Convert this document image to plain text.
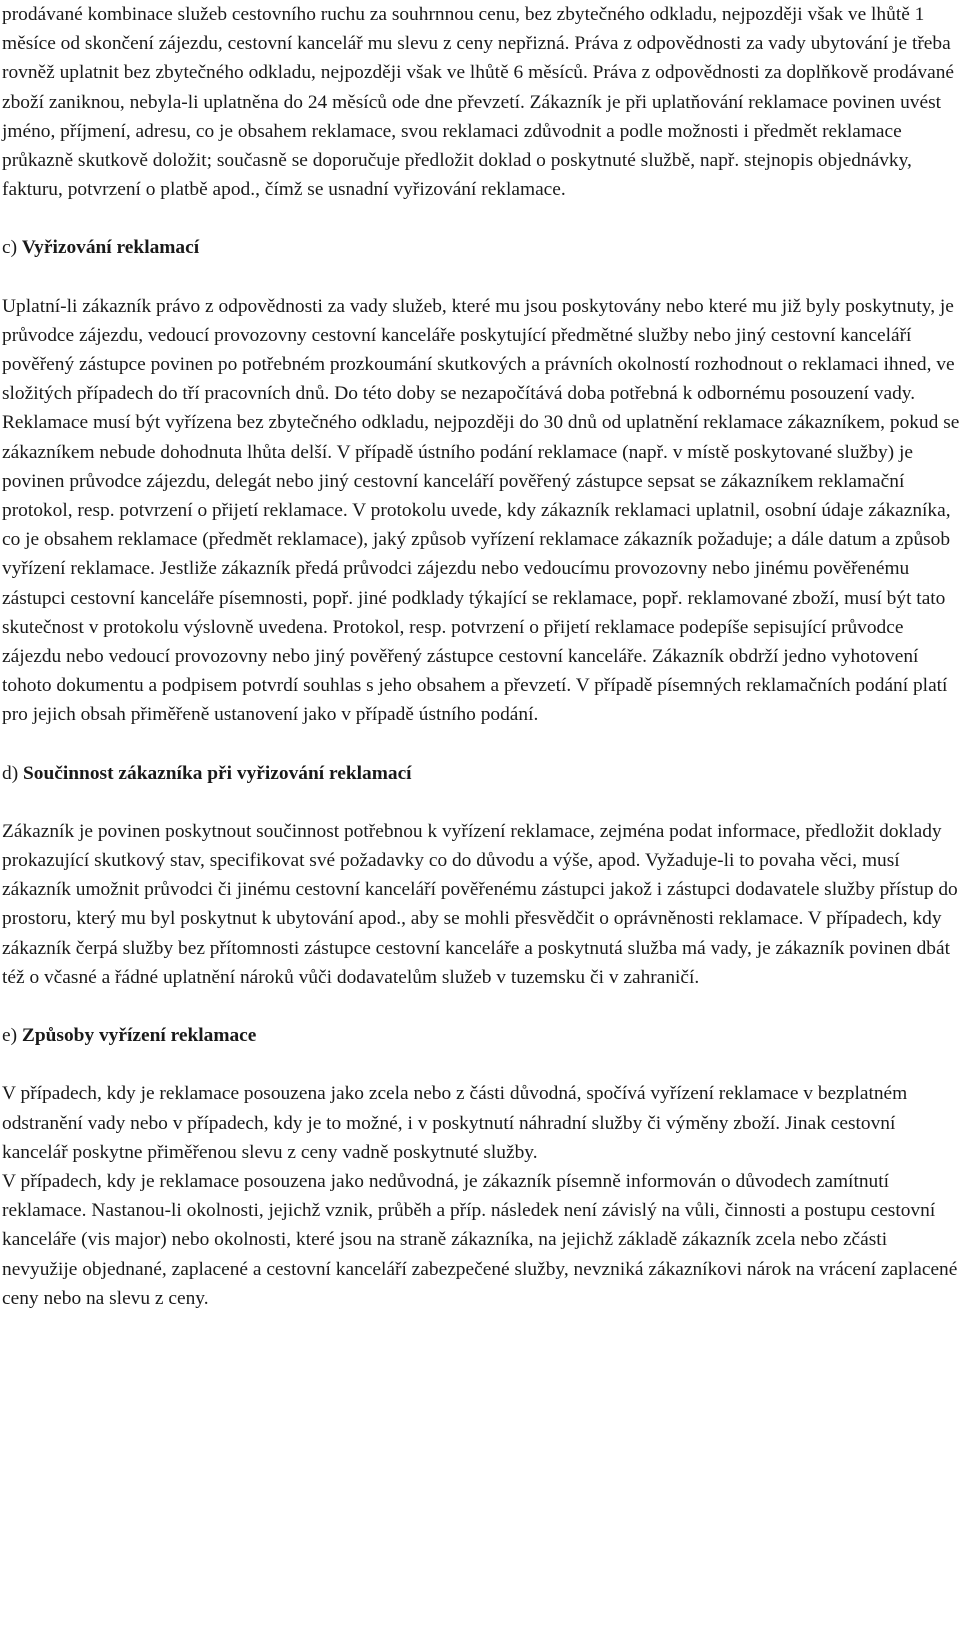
prodávané kombinace služeb cestovního ruchu za souhrnnou cenu, bez zbytečného odkladu, nejpozději však ve lhůtě 1 měsíce od skončení zájezdu, cestovní kancelář mu slevu z ceny nepřizná. Práva z odpovědnosti za vady ubytování je třeba rovněž uplatnit bez zbytečného odkladu, nejpozději však ve lhůtě 6 měsíců. Práva z odpovědnosti za doplňkově prodávané zboží zaniknou, nebyla-li uplatněna do 24 měsíců ode dne převzetí. Zákazník je při uplatňování reklamace povinen uvést jméno, příjmení, adresu, co je obsahem reklamace, svou reklamaci zdůvodnit a podle možnosti i předmět reklamace průkazně skutkově doložit; současně se doporučuje předložit doklad o poskytnuté službě, např. stejnopis objednávky, fakturu, potvrzení o platbě apod., čímž se usnadní vyřizování reklamace.

c) Vyřizování reklamací

Uplatní-li zákazník právo z odpovědnosti za vady služeb, které mu jsou poskytovány nebo které mu již byly poskytnuty, je průvodce zájezdu, vedoucí provozovny cestovní kanceláře poskytující předmětné služby nebo jiný cestovní kanceláří pověřený zástupce povinen po potřebném prozkoumání skutkových a právních okolností rozhodnout o reklamaci ihned, ve složitých případech do tří pracovních dnů. Do této doby se nezapočítává doba potřebná k odbornému posouzení vady. Reklamace musí být vyřízena bez zbytečného odkladu, nejpozději do 30 dnů od uplatnění reklamace zákazníkem, pokud se zákazníkem nebude dohodnuta lhůta delší. V případě ústního podání reklamace (např. v místě poskytované služby) je povinen průvodce zájezdu, delegát nebo jiný cestovní kanceláří pověřený zástupce sepsat se zákazníkem reklamační protokol, resp. potvrzení o přijetí reklamace. V protokolu uvede, kdy zákazník reklamaci uplatnil, osobní údaje zákazníka, co je obsahem reklamace (předmět reklamace), jaký způsob vyřízení reklamace zákazník požaduje; a dále datum a způsob vyřízení reklamace. Jestliže zákazník předá průvodci zájezdu nebo vedoucímu provozovny nebo jinému pověřenému zástupci cestovní kanceláře písemnosti, popř. jiné podklady týkající se reklamace, popř. reklamované zboží, musí být tato skutečnost v protokolu výslovně uvedena. Protokol, resp. potvrzení o přijetí reklamace podepíše sepisující průvodce zájezdu nebo vedoucí provozovny nebo jiný pověřený zástupce cestovní kanceláře. Zákazník obdrží jedno vyhotovení tohoto dokumentu a podpisem potvrdí souhlas s jeho obsahem a převzetí. V případě písemných reklamačních podání platí pro jejich obsah přiměřeně ustanovení jako v případě ústního podání.

d) Součinnost zákazníka při vyřizování reklamací

Zákazník je povinen poskytnout součinnost potřebnou k vyřízení reklamace, zejména podat informace, předložit doklady prokazující skutkový stav, specifikovat své požadavky co do důvodu a výše, apod. Vyžaduje-li to povaha věci, musí zákazník umožnit průvodci či jinému cestovní kanceláří pověřenému zástupci jakož i zástupci dodavatele služby přístup do prostoru, který mu byl poskytnut k ubytování apod., aby se mohli přesvědčit o oprávněnosti reklamace. V případech, kdy zákazník čerpá služby bez přítomnosti zástupce cestovní kanceláře a poskytnutá služba má vady, je zákazník povinen dbát též o včasné a řádné uplatnění nároků vůči dodavatelům služeb v tuzemsku či v zahraničí.

e) Způsoby vyřízení reklamace

V případech, kdy je reklamace posouzena jako zcela nebo z části důvodná, spočívá vyřízení reklamace v bezplatném odstranění vady nebo v případech, kdy je to možné, i v poskytnutí náhradní služby či výměny zboží. Jinak cestovní kancelář poskytne přiměřenou slevu z ceny vadně poskytnuté služby.

V případech, kdy je reklamace posouzena jako nedůvodná, je zákazník písemně informován o důvodech zamítnutí reklamace. Nastanou-li okolnosti, jejichž vznik, průběh a příp. následek není závislý na vůli, činnosti a postupu cestovní kanceláře (vis major) nebo okolnosti, které jsou na straně zákazníka, na jejichž základě zákazník zcela nebo zčásti nevyužije objednané, zaplacené a cestovní kanceláří zabezpečené služby, nevzniká zákazníkovi nárok na vrácení zaplacené ceny nebo na slevu z ceny.
